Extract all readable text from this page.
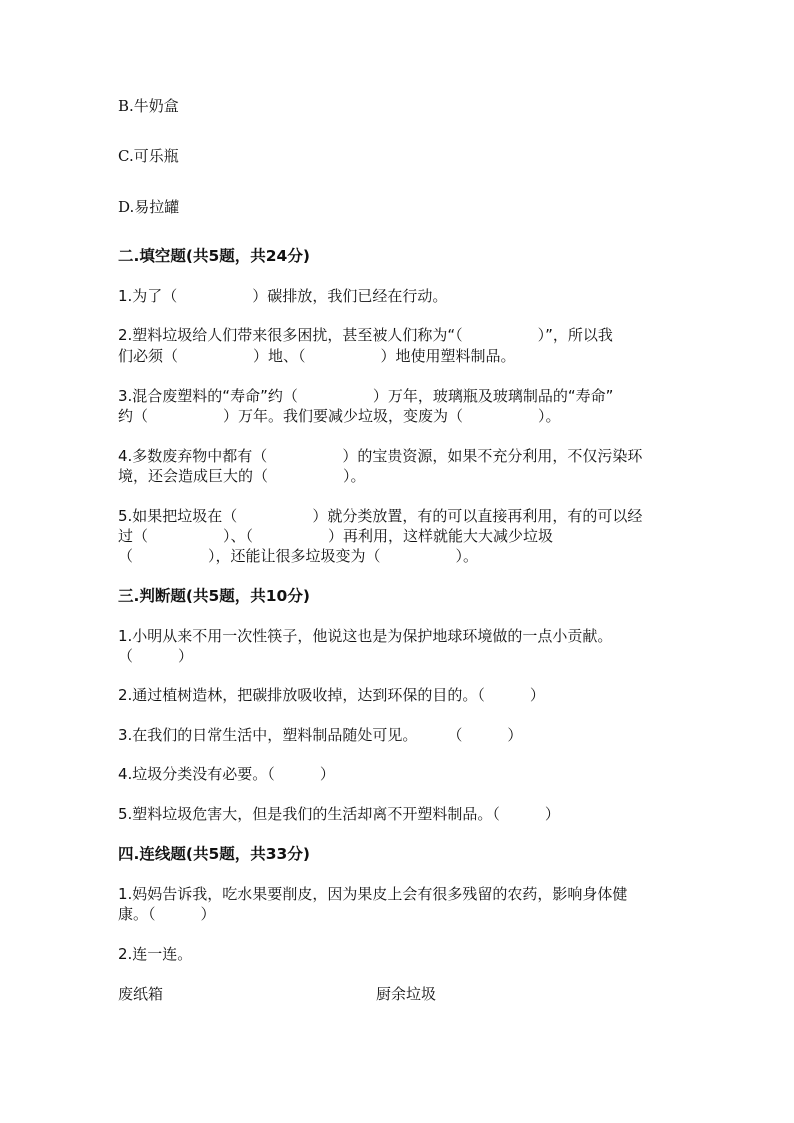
B.牛奶盒
C.可乐瓶
D.易拉罐
二.填空题(共5题，共24分)
1.为了（　　　　　）碳排放，我们已经在行动。
2.塑料垃圾给人们带来很多困扰，甚至被人们称为“（　　　　　）”，所以我
们必须（　　　　　）地、（　　　　　）地使用塑料制品。
3.混合废塑料的“寿命”约（　　　　　）万年，玻璃瓶及玻璃制品的“寿命”
约（　　　　　）万年。我们要减少垃圾，变废为（　　　　　）。
4.多数废弃物中都有（　　　　　）的宝贵资源，如果不充分利用，不仅污染环
境，还会造成巨大的（　　　　　）。
5.如果把垃圾在（　　　　　）就分类放置，有的可以直接再利用，有的可以经
过（　　　　　）、（　　　　　）再利用，这样就能大大减少垃圾
（　　　　　），还能让很多垃圾变为（　　　　　）。
三.判断题(共5题，共10分)
1.小明从来不用一次性筷子，他说这也是为保护地球环境做的一点小贡献。
（　　　）
2.通过植树造林，把碳排放吸收掉，达到环保的目的。（　　　）
3.在我们的日常生活中，塑料制品随处可见。　　　（　　　）
4.垃圾分类没有必要。（　　　）
5.塑料垃圾危害大，但是我们的生活却离不开塑料制品。（　　　）
四.连线题(共5题，共33分)
1.妈妈告诉我，吃水果要削皮，因为果皮上会有很多残留的农药，影响身体健
康。（　　　）
2.连一连。
废纸箱	厨余垃圾
